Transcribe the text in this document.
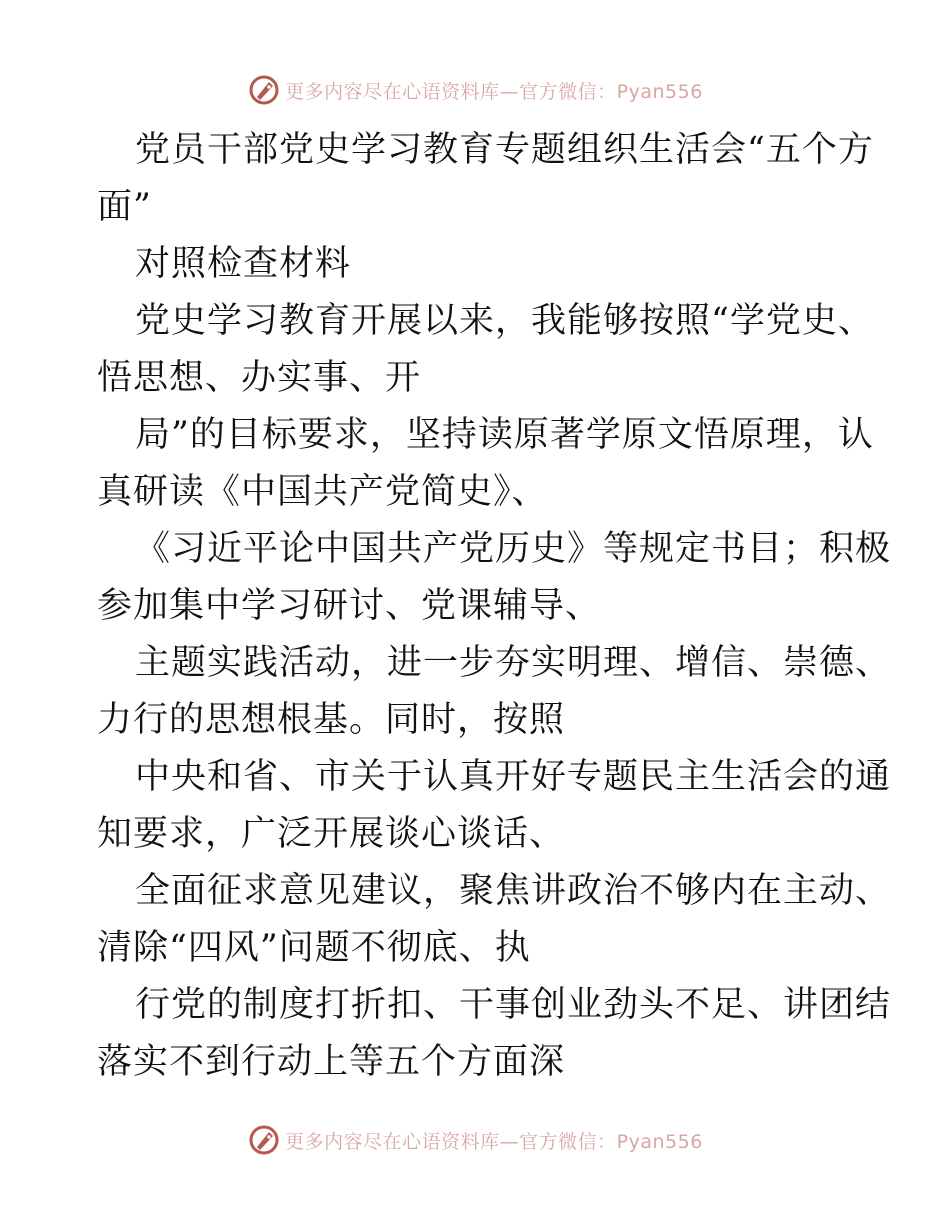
更多内容尽在心语资料库—官方微信：Pyan556
党员干部党史学习教育专题组织生活会“五个方
面”
对照检查材料
党史学习教育开展以来，我能够按照“学党史、
悟思想、办实事、开
局”的目标要求，坚持读原著学原文悟原理，认
真研读《中国共产党简史》、
《习近平论中国共产党历史》等规定书目；积极
参加集中学习研讨、党课辅导、
主题实践活动，进一步夯实明理、增信、崇德、
力行的思想根基。同时，按照
中央和省、市关于认真开好专题民主生活会的通
知要求，广泛开展谈心谈话、
全面征求意见建议，聚焦讲政治不够内在主动、
清除“四风”问题不彻底、执
行党的制度打折扣、干事创业劲头不足、讲团结
落实不到行动上等五个方面深
更多内容尽在心语资料库—官方微信：Pyan556
